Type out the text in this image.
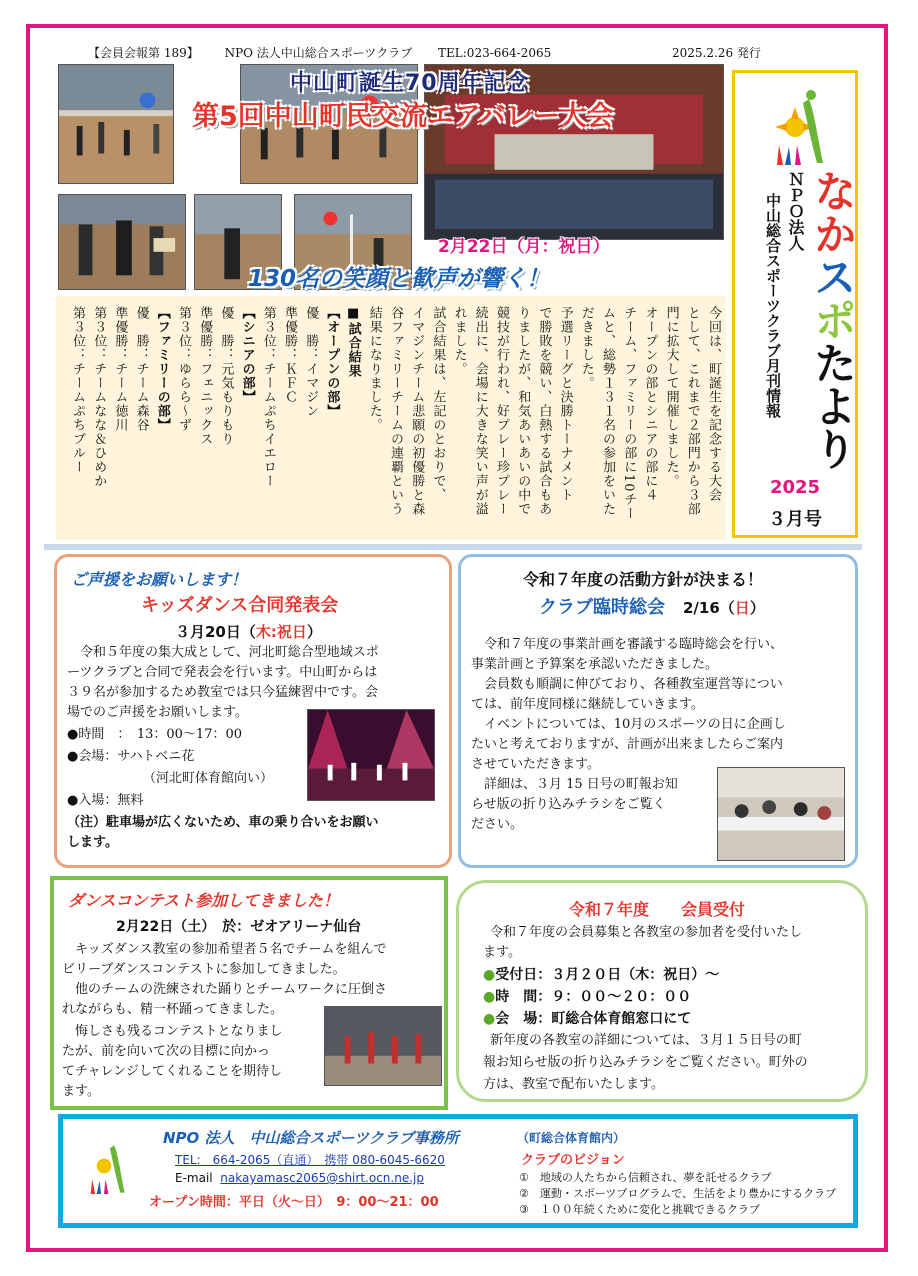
【会員会報第 189】 NPO 法人中山総合スポーツクラブ TEL:023-664-2065	2025.2.26 発行
中山町誕生70周年記念
第5回中山町民交流エアバレー大会
2月22日（月：祝日）
130名の笑顔と歓声が響く！
今回は、町誕生を記念する大会
として、これまで２部門から３部
門に拡大して開催しました。
オープンの部とシニアの部に４
チーム、ファミリーの部に10チー
ムと、総勢１３１名の参加をいた
だきました。
予選リーグと決勝トーナメント
で勝敗を競い、白熱する試合もあ
りましたが、和気あいあいの中で
競技が行われ、好プレー珍プレー
続出に、会場に大きな笑い声が溢
れました。
試合結果は、左記のとおりで、
イマジンチーム悲願の初優勝と森
谷ファミリーチームの連覇という
結果になりました。
■試合結果
【オープンの部】
優　勝：イマジン
準優勝：ＫＦＣ
第３位：チームぷちイエロー
【シニアの部】
優　勝：元気もりもり
準優勝：フェニックス
第３位：ゆらら～ず
【ファミリーの部】
優　勝：チーム森谷
準優勝：チーム徳川
第３位：チームなな＆ひめか
第３位：チームぷちブルー
なかスポたより
ＮＰＯ法人
中山総合スポーツクラブ月刊情報
2025
３月号
ご声援をお願いします！
キッズダンス合同発表会
３月20日（木:祝日）
　令和５年度の集大成として、河北町総合型地域スポ
ーツクラブと合同で発表会を行います。中山町からは
３９名が参加するため教室では只今猛練習中です。会
場でのご声援をお願いします。
●時間　：　13：00～17：00
●会場：サハトベニ花
（河北町体育館向い）
●入場：無料
（注）駐車場が広くないため、車の乗り合いをお願い
します。
令和７年度の活動方針が決まる！
クラブ臨時総会 2/16（日）
　令和７年度の事業計画を審議する臨時総会を行い、
事業計画と予算案を承認いただきました。
　会員数も順調に伸びており、各種教室運営等につい
ては、前年度同様に継続していきます。
　イベントについては、10月のスポーツの日に企画し
たいと考えておりますが、計画が出来ましたらご案内
させていただきます。
　詳細は、３月 15 日号の町報お知
らせ版の折り込みチラシをご覧く
ださい。
ダンスコンテスト参加してきました！
2月22日（土）　於：ゼオアリーナ仙台
　キッズダンス教室の参加希望者５名でチームを組んで
ビリーブダンスコンテストに参加してきました。
　他のチームの洗練された踊りとチームワークに圧倒さ
れながらも、精一杯踊ってきました。
　悔しさも残るコンテストとなりまし
たが、前を向いて次の目標に向かっ
てチャレンジしてくれることを期待し
ます。
令和７年度　　会員受付
　令和７年度の会員募集と各教室の参加者を受付いたし
ます。
●受付日：３月２０日（木：祝日）～
●時　間：９：００～２０：００
●会　場：町総合体育館窓口にて
　新年度の各教室の詳細については、３月１５日号の町
報お知らせ版の折り込みチラシをご覧ください。町外の
方は、教室で配布いたします。
NPO 法人　中山総合スポーツクラブ事務所	（町総合体育館内）
TEL:　664-2065（直通）　携帯 080-6045-6620
E-mail nakayamasc2065@shirt.ocn.ne.jp
オープン時間：平日（火～日）　9：00～21：00
クラブのビジョン
①　地域の人たちから信頼され、夢を託せるクラブ
②　運動・スポーツプログラムで、生活をより豊かにするクラブ
③　１００年続くために変化と挑戦できるクラブ
